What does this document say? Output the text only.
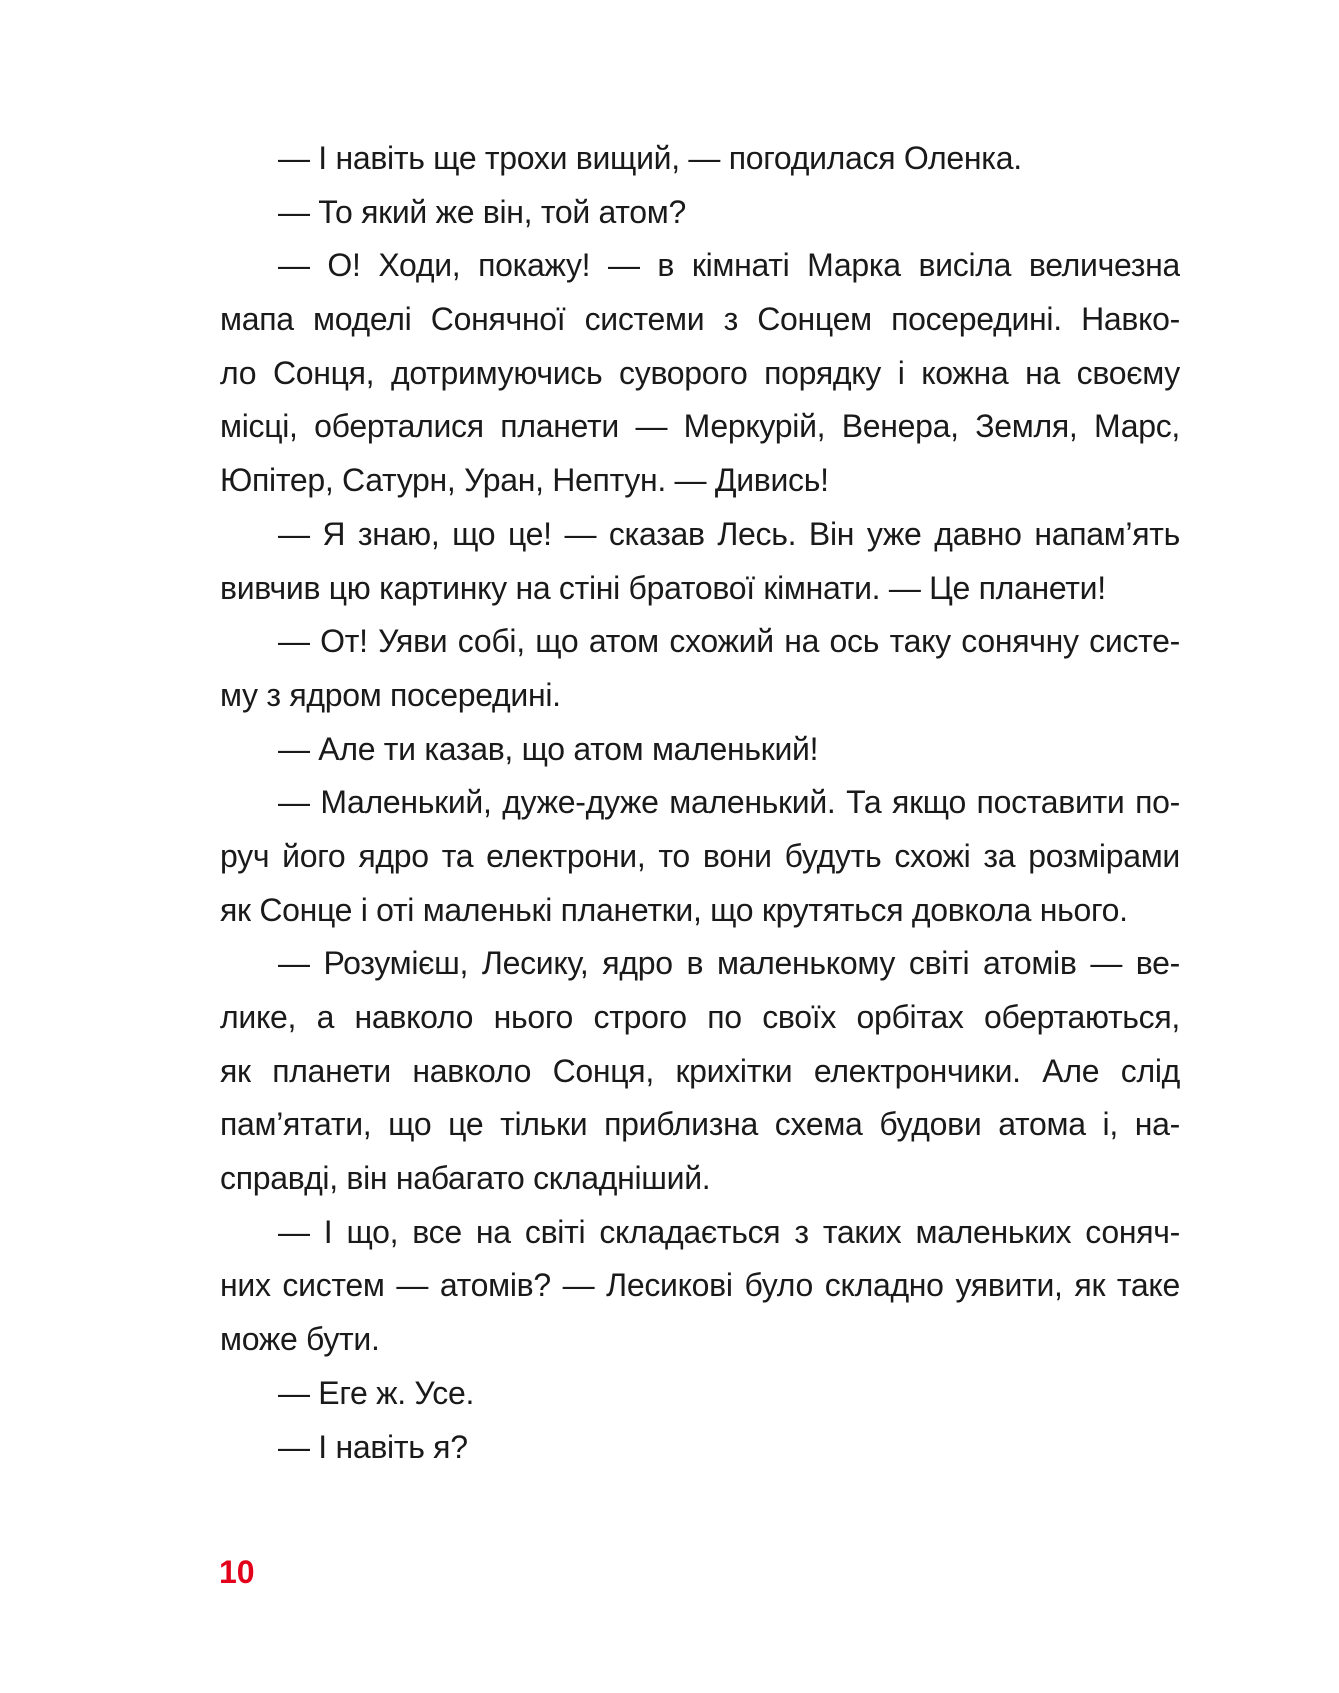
— І навіть ще трохи вищий, — погодилася Оленка.
— То який же він, той атом?
— О! Ходи, покажу! — в кімнаті Марка висіла величезна
мапа моделі Сонячної системи з Сонцем посередині. Навко-
ло Сонця, дотримуючись суворого порядку і кожна на своєму
місці, оберталися планети — Меркурій, Венера, Земля, Марс,
Юпітер, Сатурн, Уран, Нептун. — Дивись!
— Я знаю, що це! — сказав Лесь. Він уже давно напам’ять
вивчив цю картинку на стіні братової кімнати. — Це планети!
— От! Уяви собі, що атом схожий на ось таку сонячну систе-
му з ядром посередині.
— Але ти казав, що атом маленький!
— Маленький, дуже-дуже маленький. Та якщо поставити по-
руч його ядро та електрони, то вони будуть схожі за розмірами
як Сонце і оті маленькі планетки, що крутяться довкола нього.
— Розумієш, Лесику, ядро в маленькому світі атомів — ве-
лике, а навколо нього строго по своїх орбітах обертаються,
як планети навколо Сонця, крихітки електрончики. Але слід
пам’ятати, що це тільки приблизна схема будови атома і, на-
справді, він набагато складніший.
— І що, все на світі складається з таких маленьких соняч-
них систем — атомів? — Лесикові було складно уявити, як таке
може бути.
— Еге ж. Усе.
— І навіть я?
10
